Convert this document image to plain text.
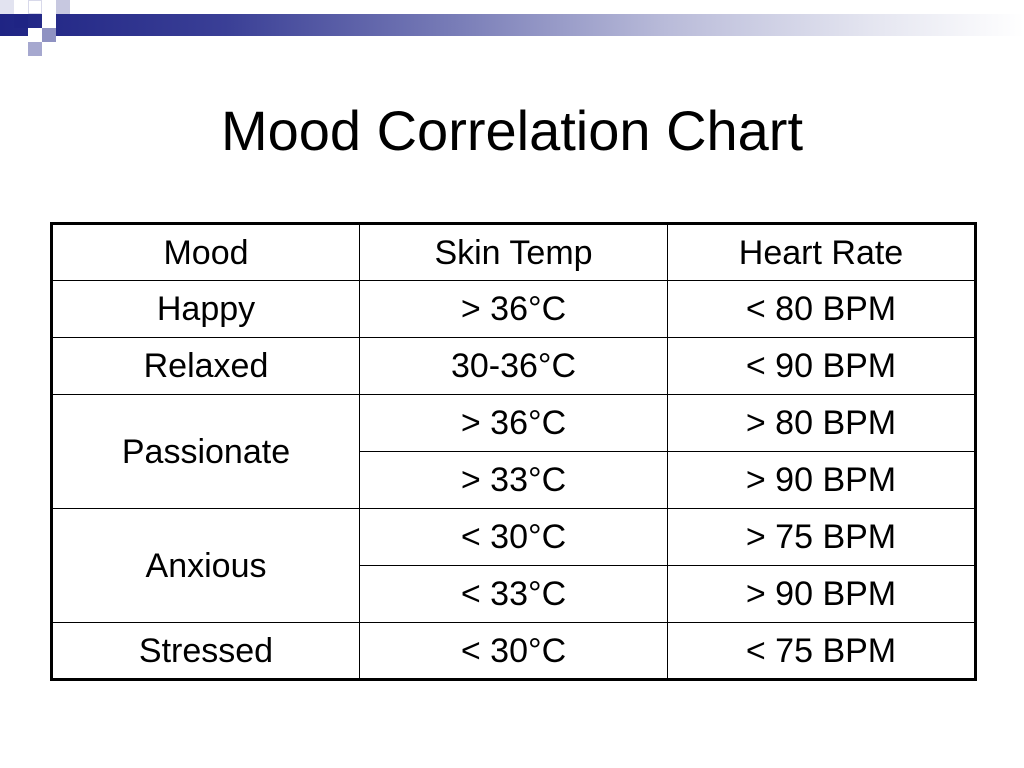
Mood Correlation Chart
Mood	Skin Temp	Heart Rate
Happy	> 36°C	< 80 BPM
Relaxed	30-36°C	< 90 BPM
Passionate	> 36°C	> 80 BPM
	> 33°C	> 90 BPM
Anxious	< 30°C	> 75 BPM
	< 33°C	> 90 BPM
Stressed	< 30°C	< 75 BPM
